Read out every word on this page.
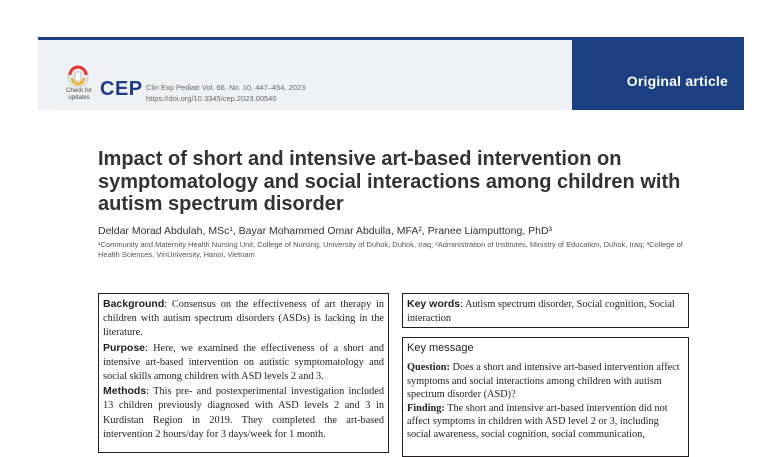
Original article
Check for updates CEP Clin Exp Pediatr Vol. 66, No. 10, 447–454, 2023
https://doi.org/10.3345/cep.2023.00540
Impact of short and intensive art-based intervention on symptomatology and social interactions among children with autism spectrum disorder
Deldar Morad Abdulah, MSc¹, Bayar Mohammed Omar Abdulla, MFA², Pranee Liamputtong, PhD³
¹Community and Maternity Health Nursing Unit, College of Nursing, University of Duhok, Duhok, Iraq; ²Administration of Institutes, Ministry of Education, Duhok, Iraq; ³College of Health Sciences, VinUniversity, Hanoi, Vietnam

Background: Consensus on the effectiveness of art therapy in children with autism spectrum disorders (ASDs) is lacking in the literature.

Purpose: Here, we examined the effectiveness of a short and intensive art-based intervention on autistic symptomatology and social skills among children with ASD levels 2 and 3.

Methods: This pre- and postexperimental investigation included 13 children previously diagnosed with ASD levels 2 and 3 in Kurdistan Region in 2019. They completed the art-based intervention 2 hours/day for 3 days/week for 1 month.

Key words: Autism spectrum disorder, Social cognition, Social interaction
Key message

Question: Does a short and intensive art-based intervention affect symptoms and social interactions among children with autism spectrum disorder (ASD)?

Finding: The short and intensive art-based intervention did not affect symptoms in children with ASD level 2 or 3, including social awareness, social cognition, social communication,
